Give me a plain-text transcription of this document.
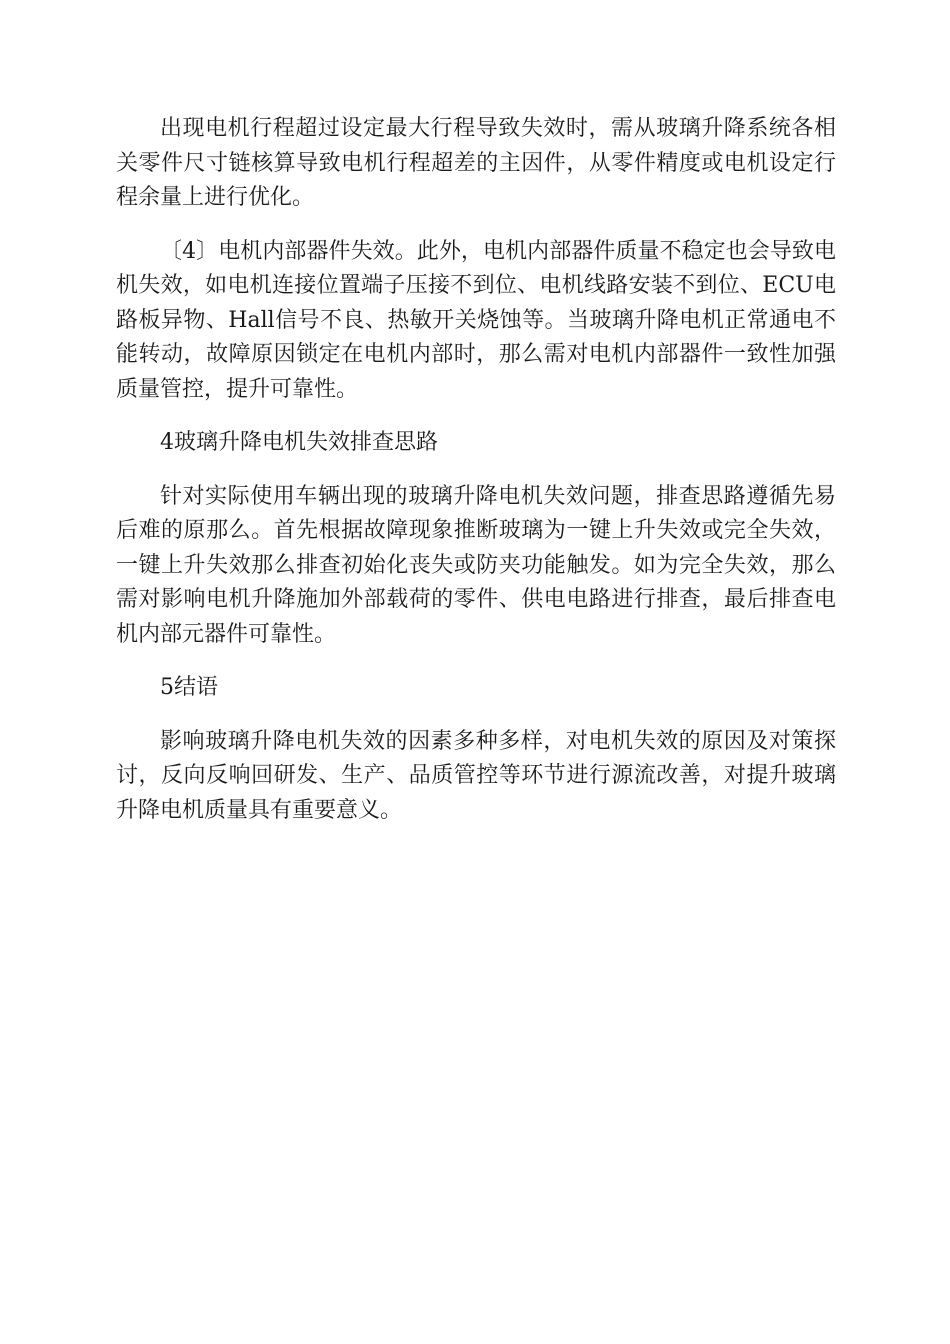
出现电机行程超过设定最大行程导致失效时，需从玻璃升降系统各相关零件尺寸链核算导致电机行程超差的主因件，从零件精度或电机设定行程余量上进行优化。

〔4〕电机内部器件失效。此外，电机内部器件质量不稳定也会导致电机失效，如电机连接位置端子压接不到位、电机线路安装不到位、ECU电路板异物、Hall信号不良、热敏开关烧蚀等。当玻璃升降电机正常通电不能转动，故障原因锁定在电机内部时，那么需对电机内部器件一致性加强质量管控，提升可靠性。

4玻璃升降电机失效排查思路

针对实际使用车辆出现的玻璃升降电机失效问题，排查思路遵循先易后难的原那么。首先根据故障现象推断玻璃为一键上升失效或完全失效，一键上升失效那么排查初始化丧失或防夹功能触发。如为完全失效，那么需对影响电机升降施加外部载荷的零件、供电电路进行排查，最后排查电机内部元器件可靠性。

5结语

影响玻璃升降电机失效的因素多种多样，对电机失效的原因及对策探讨，反向反响回研发、生产、品质管控等环节进行源流改善，对提升玻璃升降电机质量具有重要意义。
